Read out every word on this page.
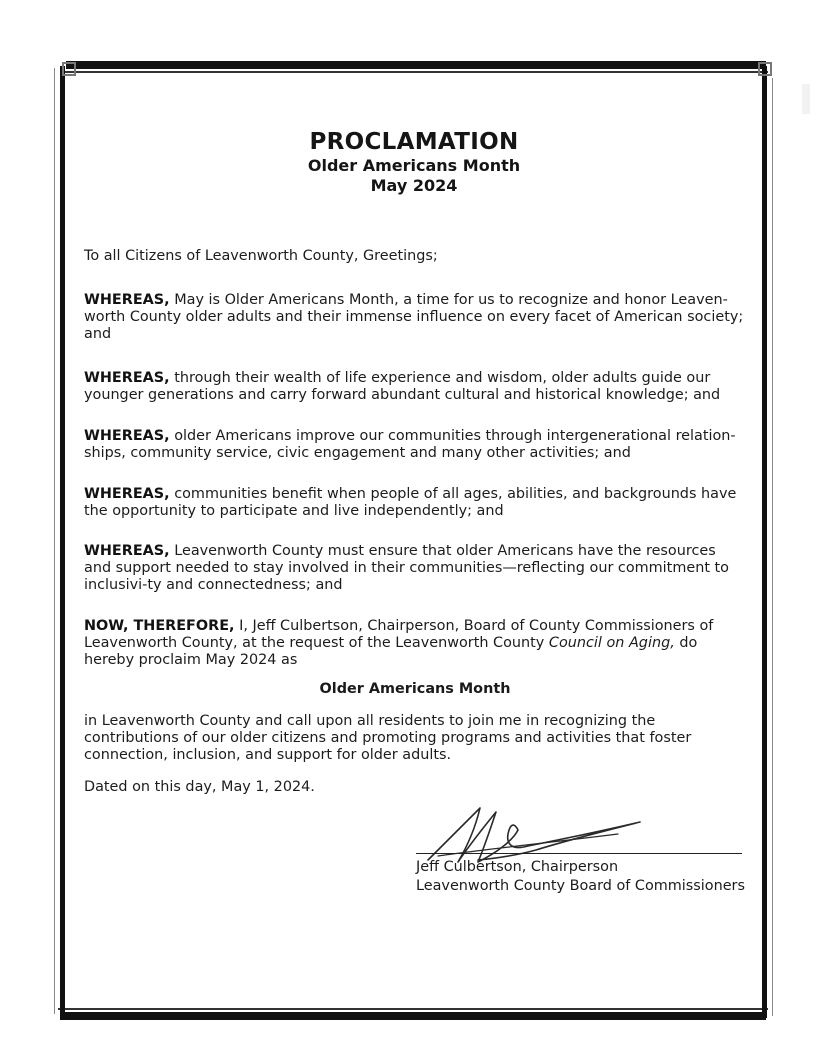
PROCLAMATION
Older Americans Month
May 2024
To all Citizens of Leavenworth County, Greetings;
WHEREAS, May is Older Americans Month, a time for us to recognize and honor Leaven-worth County older adults and their immense influence on every facet of American society; and
WHEREAS, through their wealth of life experience and wisdom, older adults guide our younger generations and carry forward abundant cultural and historical knowledge; and
WHEREAS, older Americans improve our communities through intergenerational relation-ships, community service, civic engagement and many other activities; and
WHEREAS, communities benefit when people of all ages, abilities, and backgrounds have the opportunity to participate and live independently; and
WHEREAS, Leavenworth County must ensure that older Americans have the resources and support needed to stay involved in their communities—reflecting our commitment to inclusivi-ty and connectedness; and
NOW, THEREFORE, I, Jeff Culbertson, Chairperson, Board of County Commissioners of Leavenworth County, at the request of the Leavenworth County Council on Aging, do hereby proclaim May 2024 as
Older Americans Month
in Leavenworth County and call upon all residents to join me in recognizing the contributions of our older citizens and promoting programs and activities that foster connection, inclusion, and support for older adults.
Dated on this day, May 1, 2024.
Jeff Culbertson, Chairperson
Leavenworth County Board of Commissioners
